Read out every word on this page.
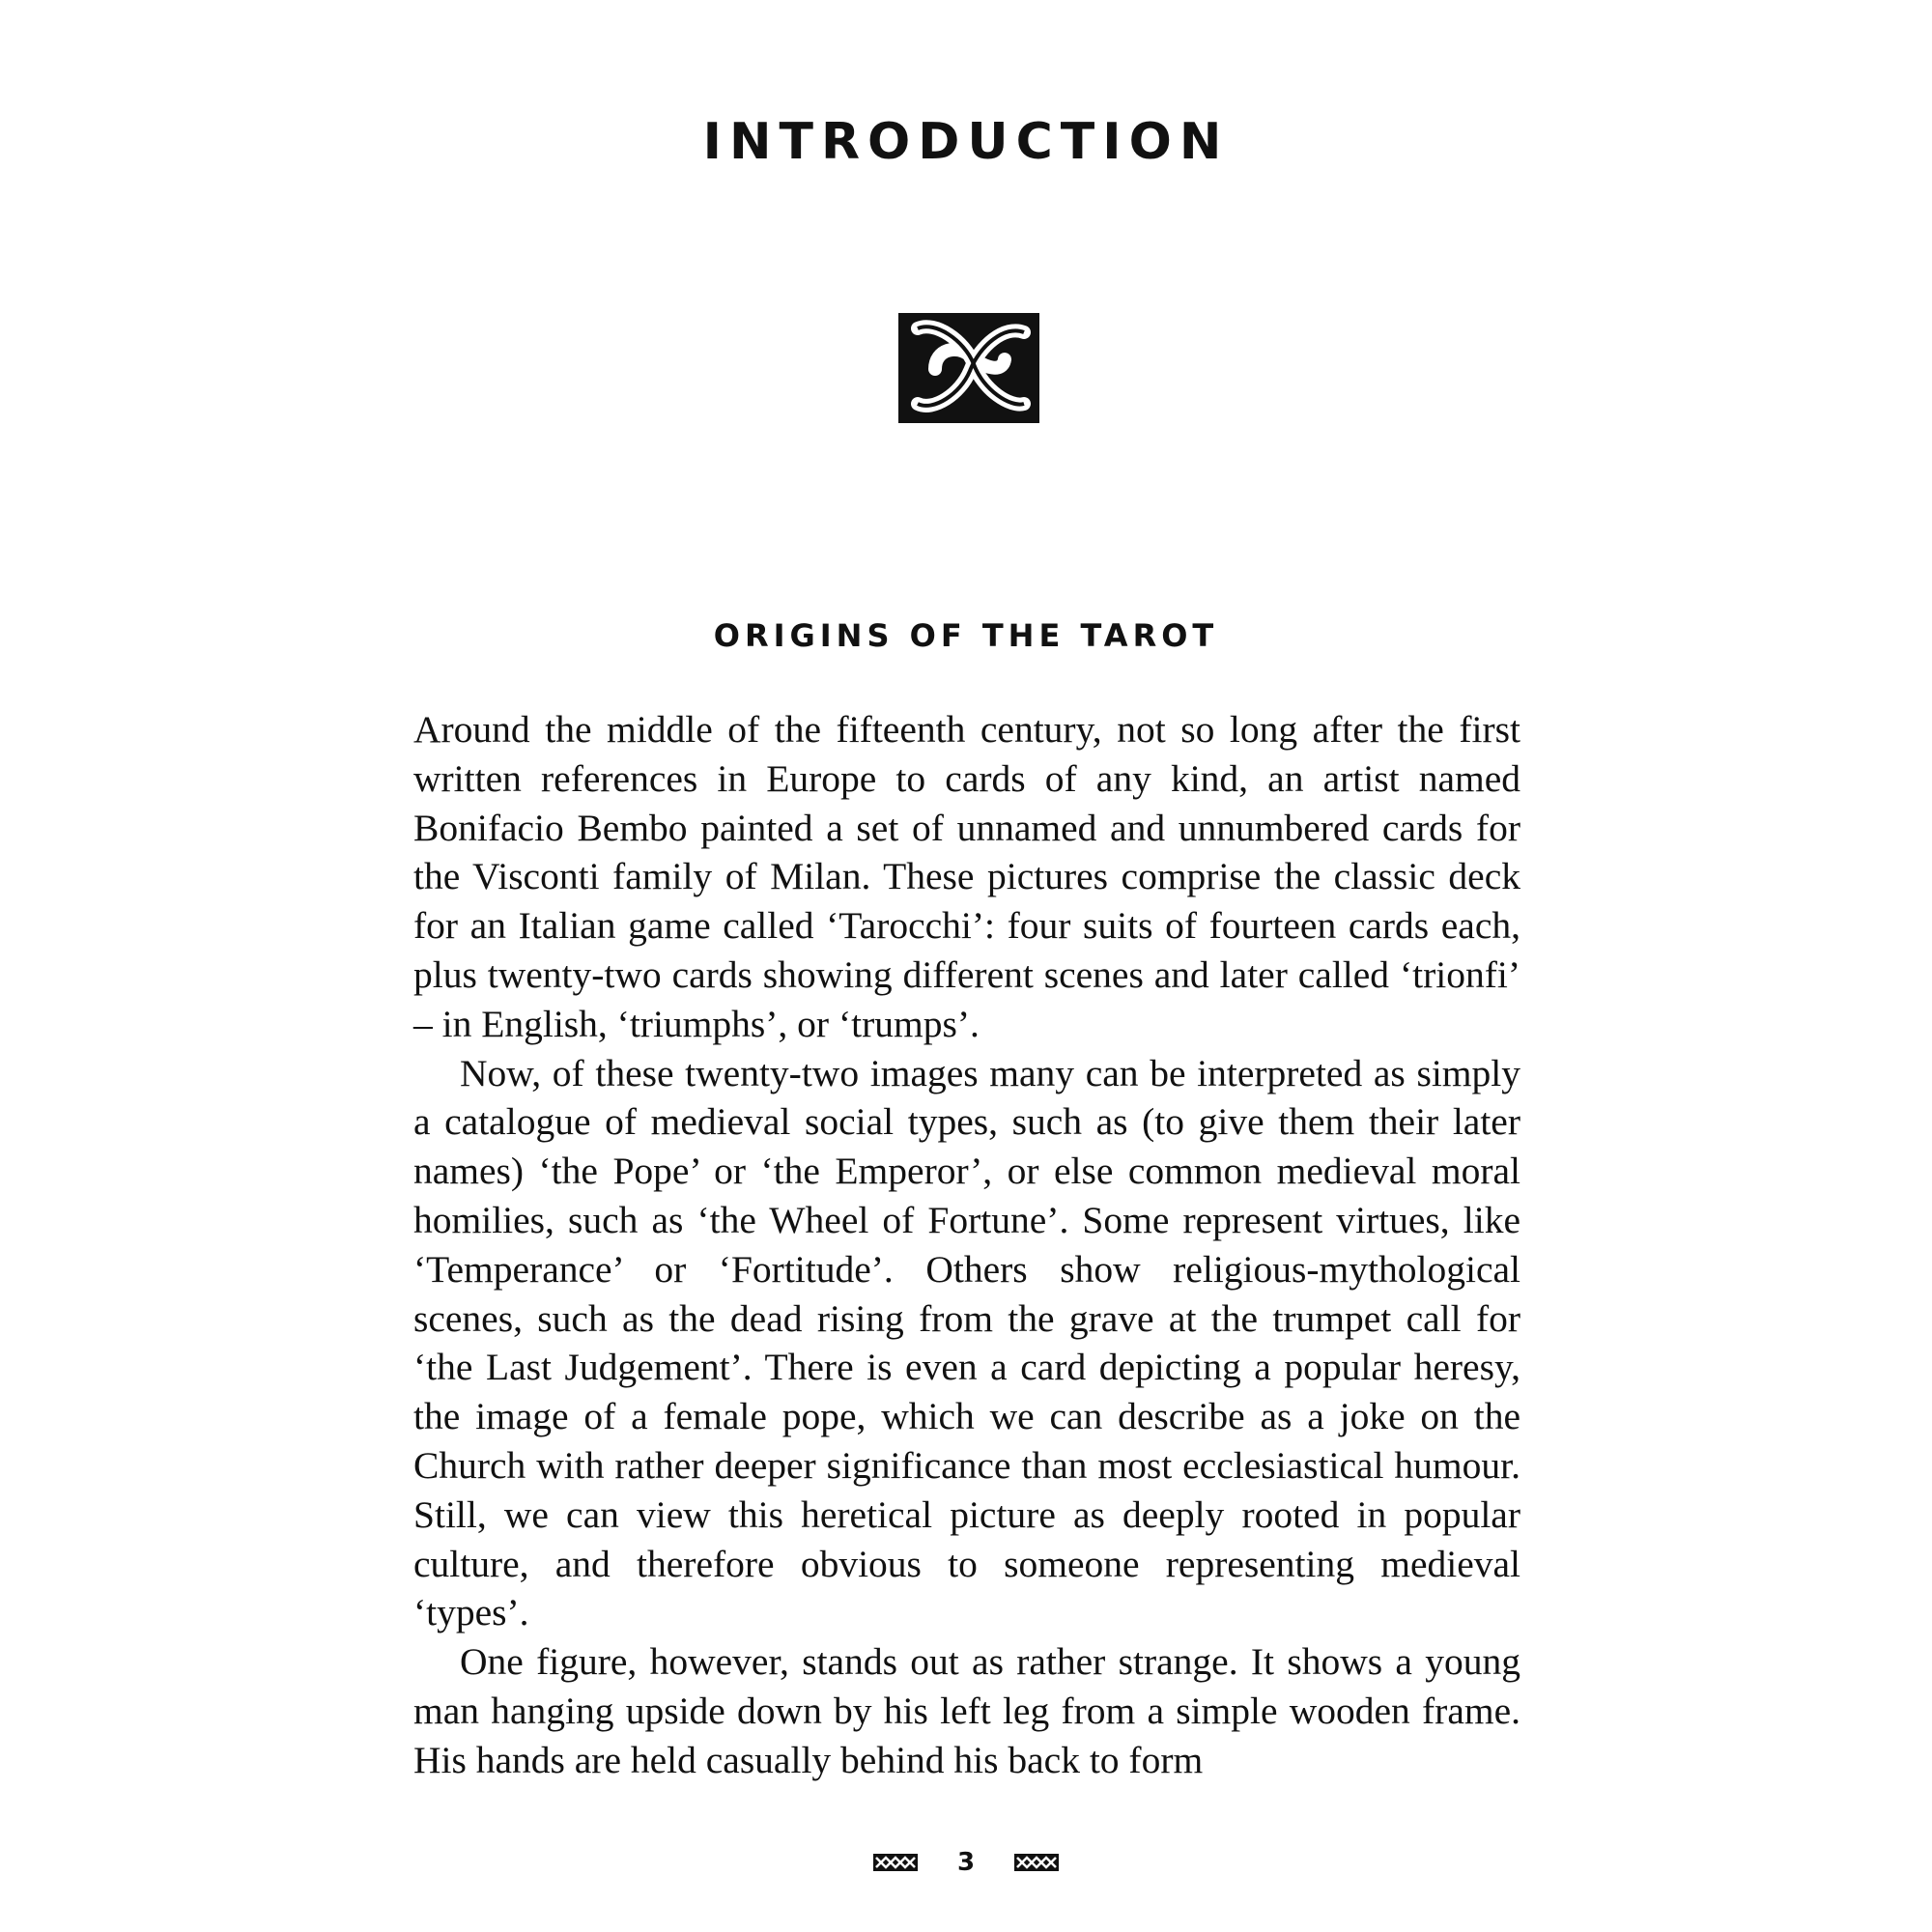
INTRODUCTION
ORIGINS OF THE TAROT

Around the middle of the fifteenth century, not so long after the first written references in Europe to cards of any kind, an artist named Bonifacio Bembo painted a set of unnamed and unnumbered cards for the Visconti family of Milan. These pictures comprise the classic deck for an Italian game called ‘Tarocchi’: four suits of fourteen cards each, plus twenty-two cards showing different scenes and later called ‘trionfi’ – in English, ‘triumphs’, or ‘trumps’.

Now, of these twenty-two images many can be interpreted as simply a catalogue of medieval social types, such as (to give them their later names) ‘the Pope’ or ‘the Emperor’, or else common medieval moral homilies, such as ‘the Wheel of Fortune’. Some represent virtues, like ‘Temperance’ or ‘Fortitude’. Others show religious-mythological scenes, such as the dead rising from the grave at the trumpet call for ‘the Last Judgement’. There is even a card depicting a popular heresy, the image of a female pope, which we can describe as a joke on the Church with rather deeper significance than most ecclesiastical humour. Still, we can view this heretical picture as deeply rooted in popular culture, and therefore obvious to someone representing medieval ‘types’.

One figure, however, stands out as rather strange. It shows a young man hanging upside down by his left leg from a simple wooden frame. His hands are held casually behind his back to form

3
